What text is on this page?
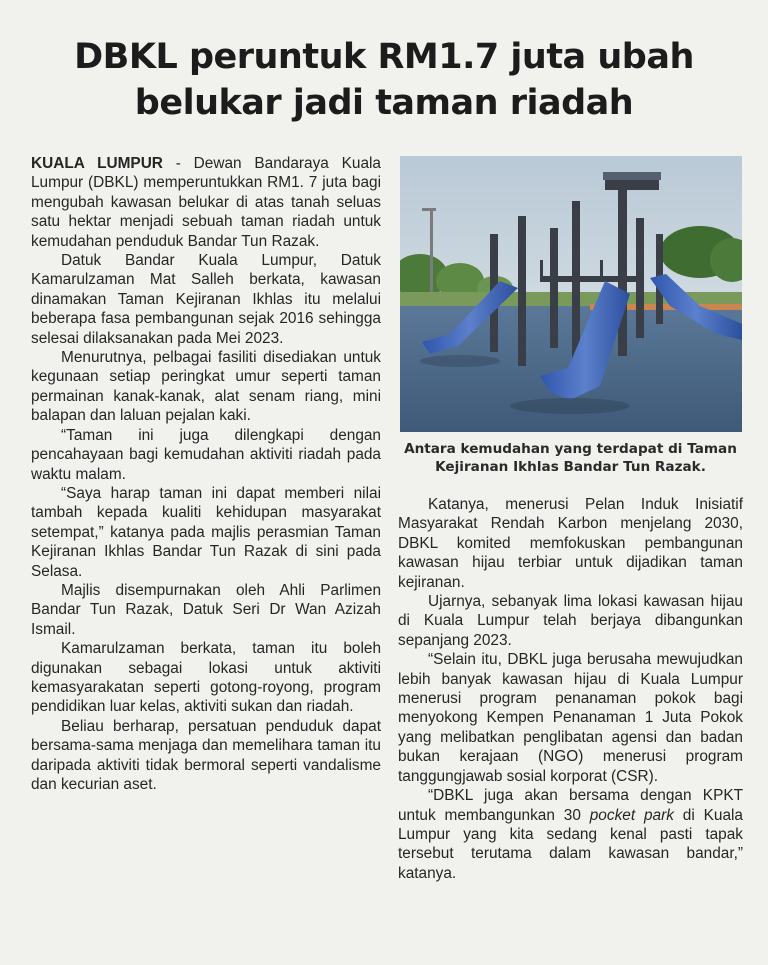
DBKL peruntuk RM1.7 juta ubah
belukar jadi taman riadah

KUALA LUMPUR - Dewan Bandaraya Kuala Lumpur (DBKL) memperuntukkan RM1. 7 juta bagi mengubah kawasan belukar di atas tanah seluas satu hektar menjadi sebuah taman riadah untuk kemudahan penduduk Bandar Tun Razak.

Datuk Bandar Kuala Lumpur, Datuk Kamarulzaman Mat Salleh berkata, kawasan dinamakan Taman Kejiranan Ikhlas itu melalui beberapa fasa pembangunan sejak 2016 sehingga selesai dilaksanakan pada Mei 2023.

Menurutnya, pelbagai fasiliti disediakan untuk kegunaan setiap peringkat umur seperti taman permainan kanak-kanak, alat senam riang, mini balapan dan laluan pejalan kaki.

“Taman ini juga dilengkapi dengan pencahayaan bagi kemudahan aktiviti riadah pada waktu malam.

“Saya harap taman ini dapat memberi nilai tambah kepada kualiti kehidupan masyarakat setempat,” katanya pada majlis perasmian Taman Kejiranan Ikhlas Bandar Tun Razak di sini pada Selasa.

Majlis disempurnakan oleh Ahli Parlimen Bandar Tun Razak, Datuk Seri Dr Wan Azizah Ismail.

Kamarulzaman berkata, taman itu boleh digunakan sebagai lokasi untuk aktiviti kemasyarakatan seperti gotong-royong, program pendidikan luar kelas, aktiviti sukan dan riadah.

Beliau berharap, persatuan penduduk dapat bersama-sama menjaga dan memelihara taman itu daripada aktiviti tidak bermoral seperti vandalisme dan kecurian aset.

Antara kemudahan yang terdapat di Taman
Kejiranan Ikhlas Bandar Tun Razak.

Katanya, menerusi Pelan Induk Inisiatif Masyarakat Rendah Karbon menjelang 2030, DBKL komited memfokuskan pembangunan kawasan hijau terbiar untuk dijadikan taman kejiranan.

Ujarnya, sebanyak lima lokasi kawasan hijau di Kuala Lumpur telah berjaya dibangunkan sepanjang 2023.

“Selain itu, DBKL juga berusaha mewujudkan lebih banyak kawasan hijau di Kuala Lumpur menerusi program penanaman pokok bagi menyokong Kempen Penanaman 1 Juta Pokok yang melibatkan penglibatan agensi dan badan bukan kerajaan (NGO) menerusi program tanggungjawab sosial korporat (CSR).

“DBKL juga akan bersama dengan KPKT untuk membangunkan 30 pocket park di Kuala Lumpur yang kita sedang kenal pasti tapak tersebut terutama dalam kawasan bandar,” katanya.
